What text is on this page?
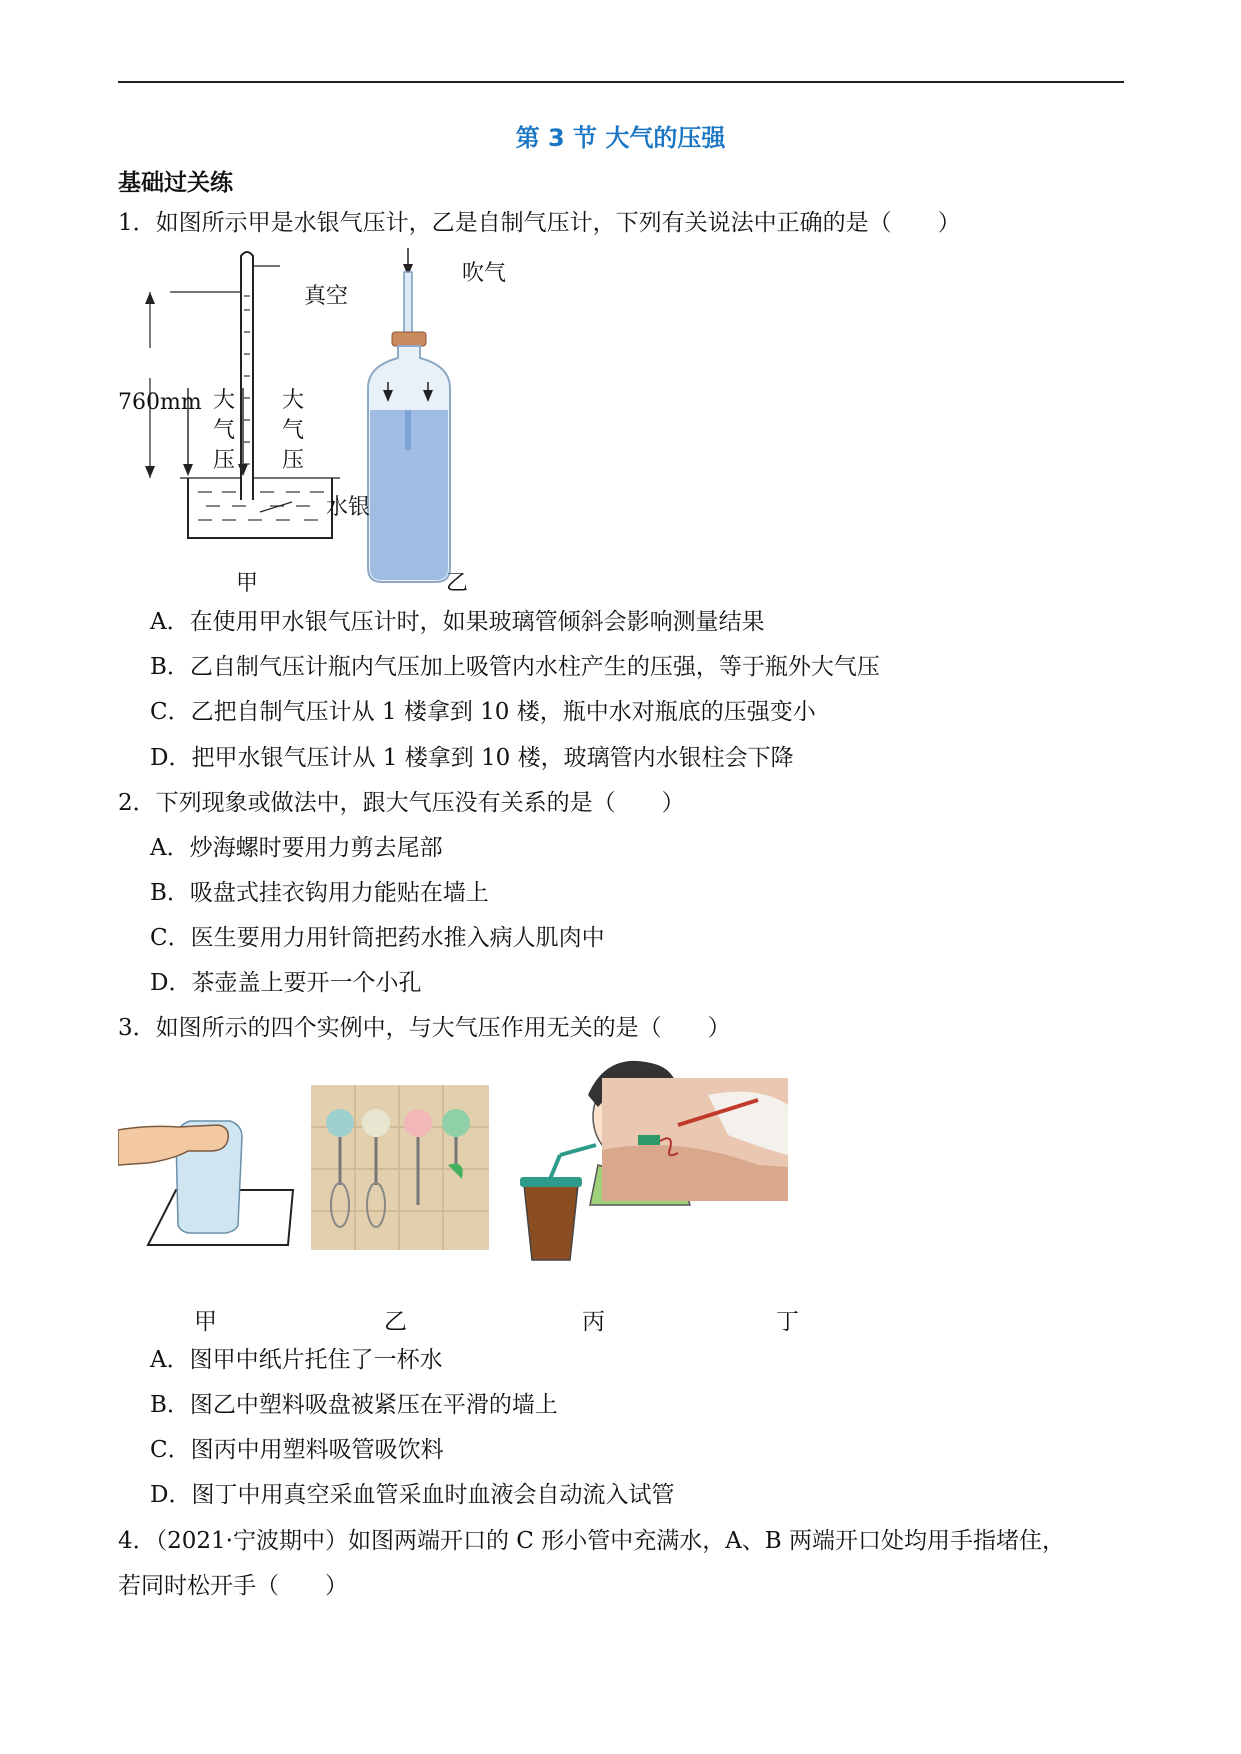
第 3 节 大气的压强
基础过关练
1．如图所示甲是水银气压计，乙是自制气压计，下列有关说法中正确的是（　　）
真空
760mm 大
气
压
大
气
压
水银
吹气
甲	乙
A．在使用甲水银气压计时，如果玻璃管倾斜会影响测量结果
B．乙自制气压计瓶内气压加上吸管内水柱产生的压强，等于瓶外大气压
C．乙把自制气压计从 1 楼拿到 10 楼，瓶中水对瓶底的压强变小
D．把甲水银气压计从 1 楼拿到 10 楼，玻璃管内水银柱会下降
2．下列现象或做法中，跟大气压没有关系的是（　　）
A．炒海螺时要用力剪去尾部
B．吸盘式挂衣钩用力能贴在墙上
C．医生要用力用针筒把药水推入病人肌肉中
D．茶壶盖上要开一个小孔
3．如图所示的四个实例中，与大气压作用无关的是（　　）
甲	乙	丙	丁
A．图甲中纸片托住了一杯水
B．图乙中塑料吸盘被紧压在平滑的墙上
C．图丙中用塑料吸管吸饮料
D．图丁中用真空采血管采血时血液会自动流入试管
4．（2021·宁波期中）如图两端开口的 C 形小管中充满水，A、B 两端开口处均用手指堵住，
若同时松开手（　　）
